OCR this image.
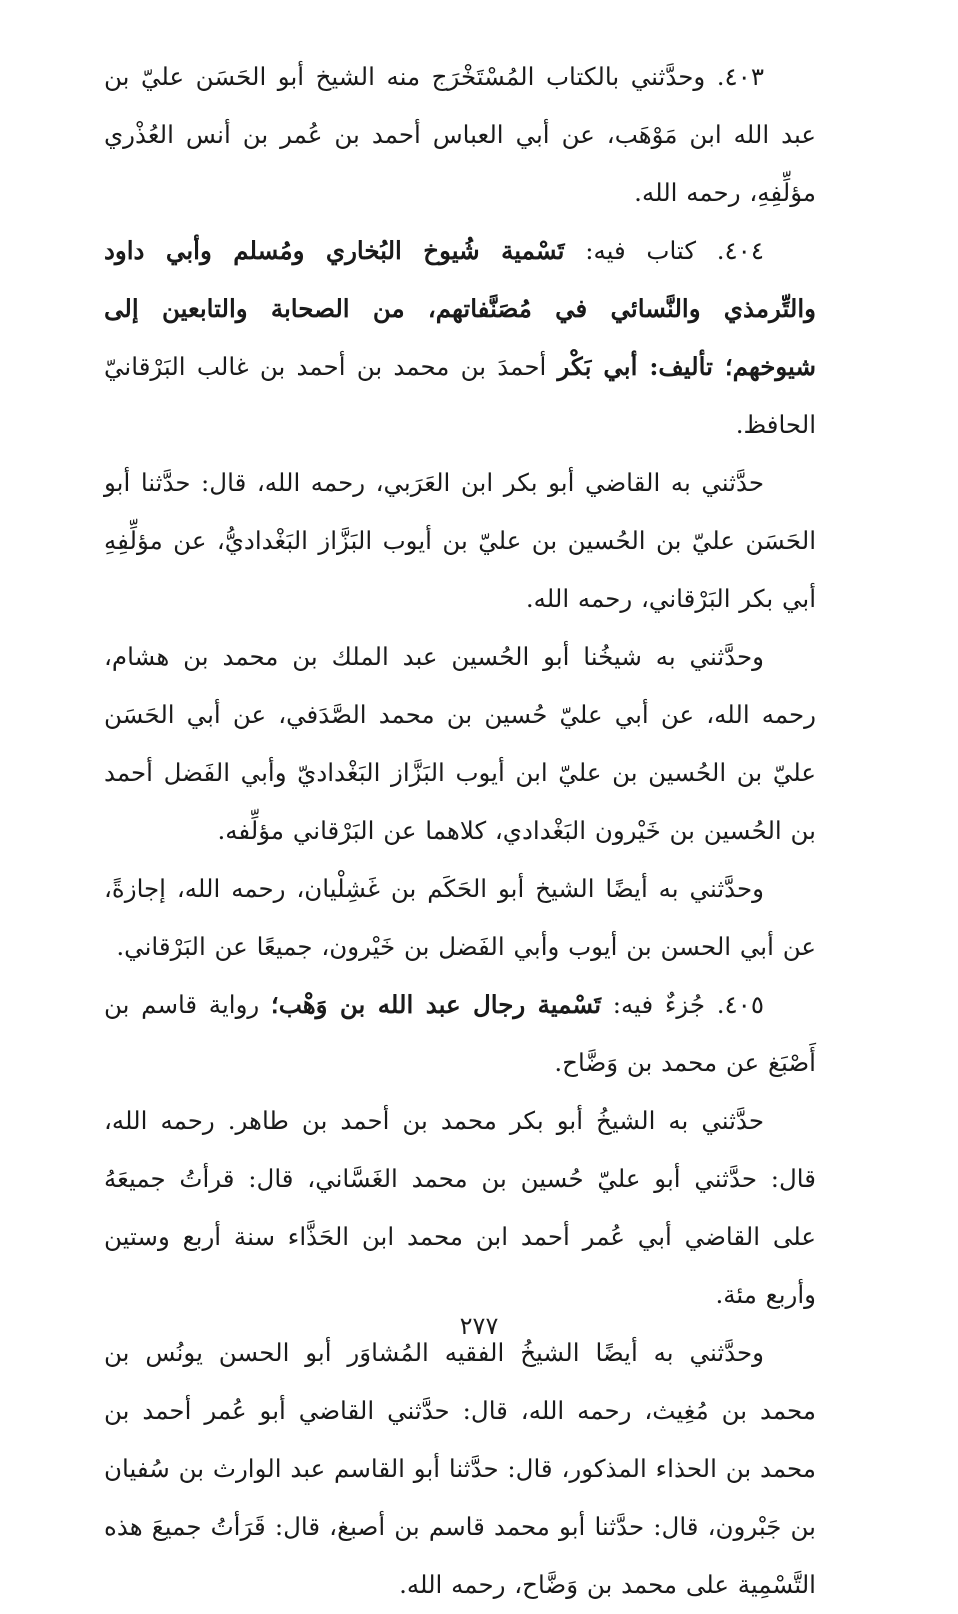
٤٠٣. وحدَّثني بالكتاب المُسْتَخْرَج منه الشيخ أبو الحَسَن عليّ بن عبد الله ابن مَوْهَب، عن أبي العباس أحمد بن عُمر بن أنس العُذْري مؤلِّفِهِ، رحمه الله.

٤٠٤. كتاب فيه: تَسْمية شُيوخ البُخاري ومُسلم وأبي داود والتِّرمذي والنَّسائي في مُصَنَّفاتهم، من الصحابة والتابعين إلى شيوخهم؛ تأليف: أبي بَكْر أحمدَ بن محمد بن أحمد بن غالب البَرْقانيّ الحافظ.

حدَّثني به القاضي أبو بكر ابن العَرَبي، رحمه الله، قال: حدَّثنا أبو الحَسَن عليّ بن الحُسين بن عليّ بن أيوب البَزَّاز البَغْداديُّ، عن مؤلِّفِهِ أبي بكر البَرْقاني، رحمه الله.

وحدَّثني به شيخُنا أبو الحُسين عبد الملك بن محمد بن هشام، رحمه الله، عن أبي عليّ حُسين بن محمد الصَّدَفي، عن أبي الحَسَن عليّ بن الحُسين بن عليّ ابن أيوب البَزَّاز البَغْداديّ وأبي الفَضل أحمد بن الحُسين بن خَيْرون البَغْدادي، كلاهما عن البَرْقاني مؤلِّفه.

وحدَّثني به أيضًا الشيخ أبو الحَكَم بن غَشِلْيان، رحمه الله، إجازةً، عن أبي الحسن بن أيوب وأبي الفَضل بن خَيْرون، جميعًا عن البَرْقاني.

٤٠٥. جُزءٌ فيه: تَسْمية رجال عبد الله بن وَهْب؛ رواية قاسم بن أَصْبَغ عن محمد بن وَضَّاح.

حدَّثني به الشيخُ أبو بكر محمد بن أحمد بن طاهر. رحمه الله، قال: حدَّثني أبو عليّ حُسين بن محمد الغَسَّاني، قال: قرأتُ جميعَهُ على القاضي أبي عُمر أحمد ابن محمد ابن الحَذَّاء سنة أربع وستين وأربع مئة.

وحدَّثني به أيضًا الشيخُ الفقيه المُشاوَر أبو الحسن يونُس بن محمد بن مُغِيث، رحمه الله، قال: حدَّثني القاضي أبو عُمر أحمد بن محمد بن الحذاء المذكور، قال: حدَّثنا أبو القاسم عبد الوارث بن سُفيان بن جَبْرون، قال: حدَّثنا أبو محمد قاسم بن أصبغ، قال: قَرَأتُ جميعَ هذه التَّسْمِية على محمد بن وَضَّاح، رحمه الله.

٢٧٧
